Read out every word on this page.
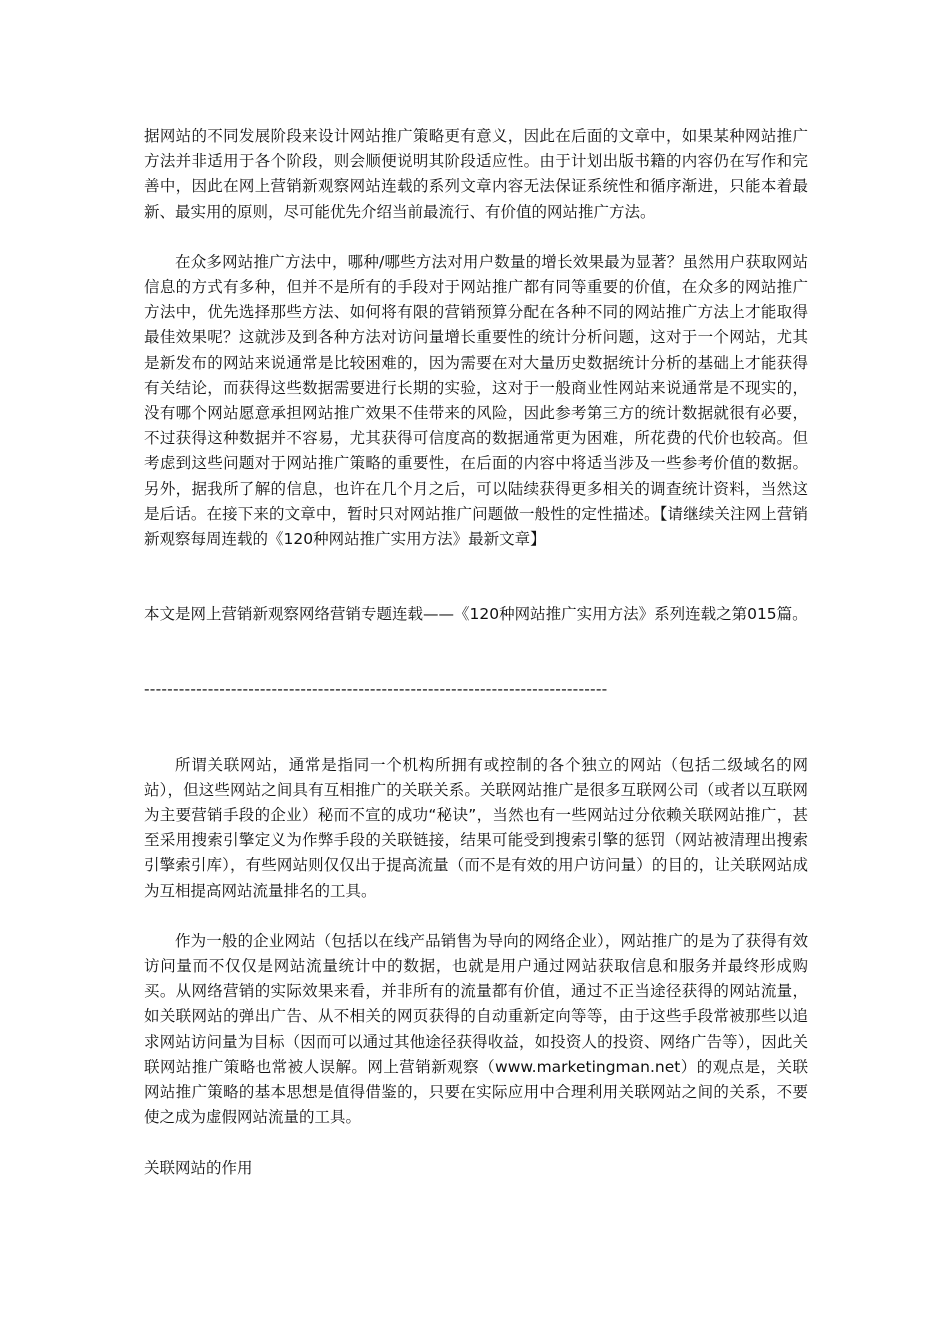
据网站的不同发展阶段来设计网站推广策略更有意义，因此在后面的文章中，如果某种网站推广方法并非适用于各个阶段，则会顺便说明其阶段适应性。由于计划出版书籍的内容仍在写作和完善中，因此在网上营销新观察网站连载的系列文章内容无法保证系统性和循序渐进，只能本着最新、最实用的原则，尽可能优先介绍当前最流行、有价值的网站推广方法。

在众多网站推广方法中，哪种/哪些方法对用户数量的增长效果最为显著？虽然用户获取网站信息的方式有多种，但并不是所有的手段对于网站推广都有同等重要的价值，在众多的网站推广方法中，优先选择那些方法、如何将有限的营销预算分配在各种不同的网站推广方法上才能取得最佳效果呢？这就涉及到各种方法对访问量增长重要性的统计分析问题，这对于一个网站，尤其是新发布的网站来说通常是比较困难的，因为需要在对大量历史数据统计分析的基础上才能获得有关结论，而获得这些数据需要进行长期的实验，这对于一般商业性网站来说通常是不现实的，没有哪个网站愿意承担网站推广效果不佳带来的风险，因此参考第三方的统计数据就很有必要，不过获得这种数据并不容易，尤其获得可信度高的数据通常更为困难，所花费的代价也较高。但考虑到这些问题对于网站推广策略的重要性，在后面的内容中将适当涉及一些参考价值的数据。另外，据我所了解的信息，也许在几个月之后，可以陆续获得更多相关的调查统计资料，当然这是后话。在接下来的文章中，暂时只对网站推广问题做一般性的定性描述。【请继续关注网上营销新观察每周连载的《120种网站推广实用方法》最新文章】

本文是网上营销新观察网络营销专题连载——《120种网站推广实用方法》系列连载之第015篇。

--------------------------------------------------------------------------------

所谓关联网站，通常是指同一个机构所拥有或控制的各个独立的网站（包括二级域名的网站），但这些网站之间具有互相推广的关联关系。关联网站推广是很多互联网公司（或者以互联网为主要营销手段的企业）秘而不宣的成功“秘诀”，当然也有一些网站过分依赖关联网站推广，甚至采用搜索引擎定义为作弊手段的关联链接，结果可能受到搜索引擎的惩罚（网站被清理出搜索引擎索引库），有些网站则仅仅出于提高流量（而不是有效的用户访问量）的目的，让关联网站成为互相提高网站流量排名的工具。

作为一般的企业网站（包括以在线产品销售为导向的网络企业），网站推广的是为了获得有效访问量而不仅仅是网站流量统计中的数据，也就是用户通过网站获取信息和服务并最终形成购买。从网络营销的实际效果来看，并非所有的流量都有价值，通过不正当途径获得的网站流量，如关联网站的弹出广告、从不相关的网页获得的自动重新定向等等，由于这些手段常被那些以追求网站访问量为目标（因而可以通过其他途径获得收益，如投资人的投资、网络广告等），因此关联网站推广策略也常被人误解。网上营销新观察（www.marketingman.net）的观点是，关联网站推广策略的基本思想是值得借鉴的，只要在实际应用中合理利用关联网站之间的关系，不要使之成为虚假网站流量的工具。

关联网站的作用
